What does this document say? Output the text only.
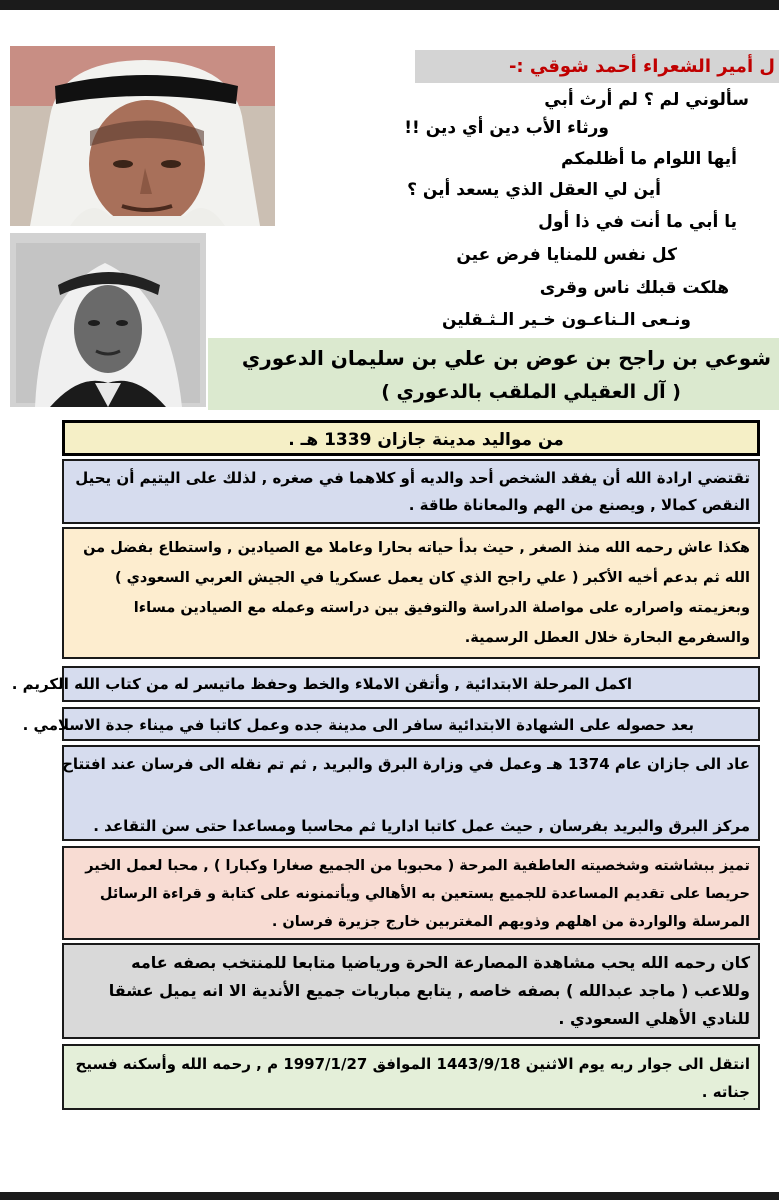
ل أمير الشعراء أحمد شوقي :-
سألوني لم ؟ لم أرث أبي
ورثاء الأب دين أي دين !!
أيها اللوام ما أظلمكم
أين لي العقل الذي يسعد أين ؟
يا أبي ما أنت في ذا أول
كل نفس للمنايا فرض عين
هلكت قبلك ناس وقرى
ونـعى الـناعـون خـير الـثـقلين
شوعي بن راجح بن عوض بن علي بن سليمان الدعوري
( آل العقيلي الملقب بالدعوري )
من مواليد مدينة جازان 1339 هـ .
تقتضي ارادة الله أن يفقد الشخص أحد والديه أو كلاهما في صغره , لذلك على اليتيم أن يحيل
النقص كمالا , ويصنع من الهم والمعاناة طاقة .
هكذا عاش رحمه الله منذ الصغر , حيث بدأ حياته بحارا وعاملا مع الصيادين , واستطاع بفضل من
الله ثم بدعم أخيه الأكبر ( علي راجح الذي كان يعمل عسكريا في الجيش العربي السعودي )
وبعزيمته واصراره على مواصلة الدراسة والتوفيق بين دراسته وعمله مع الصيادين مساءا
والسفرمع البحارة خلال العطل الرسمية.
اكمل المرحلة الابتدائية , وأتقن الاملاء والخط وحفظ ماتيسر له من كتاب الله الكريم .
بعد حصوله على الشهادة الابتدائية سافر الى مدينة جده وعمل كاتبا في ميناء جدة الاسلامي .
عاد الى جازان عام 1374 هـ وعمل في وزارة البرق والبريد , ثم تم نقله الى فرسان عند افتتاح
مركز البرق والبريد بفرسان , حيث عمل كاتبا اداريا ثم محاسبا ومساعدا حتى سن التقاعد .
تميز ببشاشته وشخصيته العاطفية المرحة ( محبوبا من الجميع صغارا وكبارا ) , محبا لعمل الخير
حريصا على تقديم المساعدة للجميع يستعين به الأهالي ويأتمنونه على كتابة و قراءة الرسائل
المرسلة والواردة من اهلهم وذويهم المغتربين خارج جزيرة فرسان .
كان رحمه الله يحب مشاهدة المصارعة الحرة ورياضيا متابعا للمنتخب بصفه عامه
وللاعب ( ماجد عبدالله ) بصفه خاصه , يتابع مباريات جميع الأندية الا انه يميل عشقا
للنادي الأهلي السعودي .
انتقل الى جوار ربه يوم الاثنين 1443/9/18 الموافق 1997/1/27 م , رحمه الله وأسكنه فسيح
جناته .
